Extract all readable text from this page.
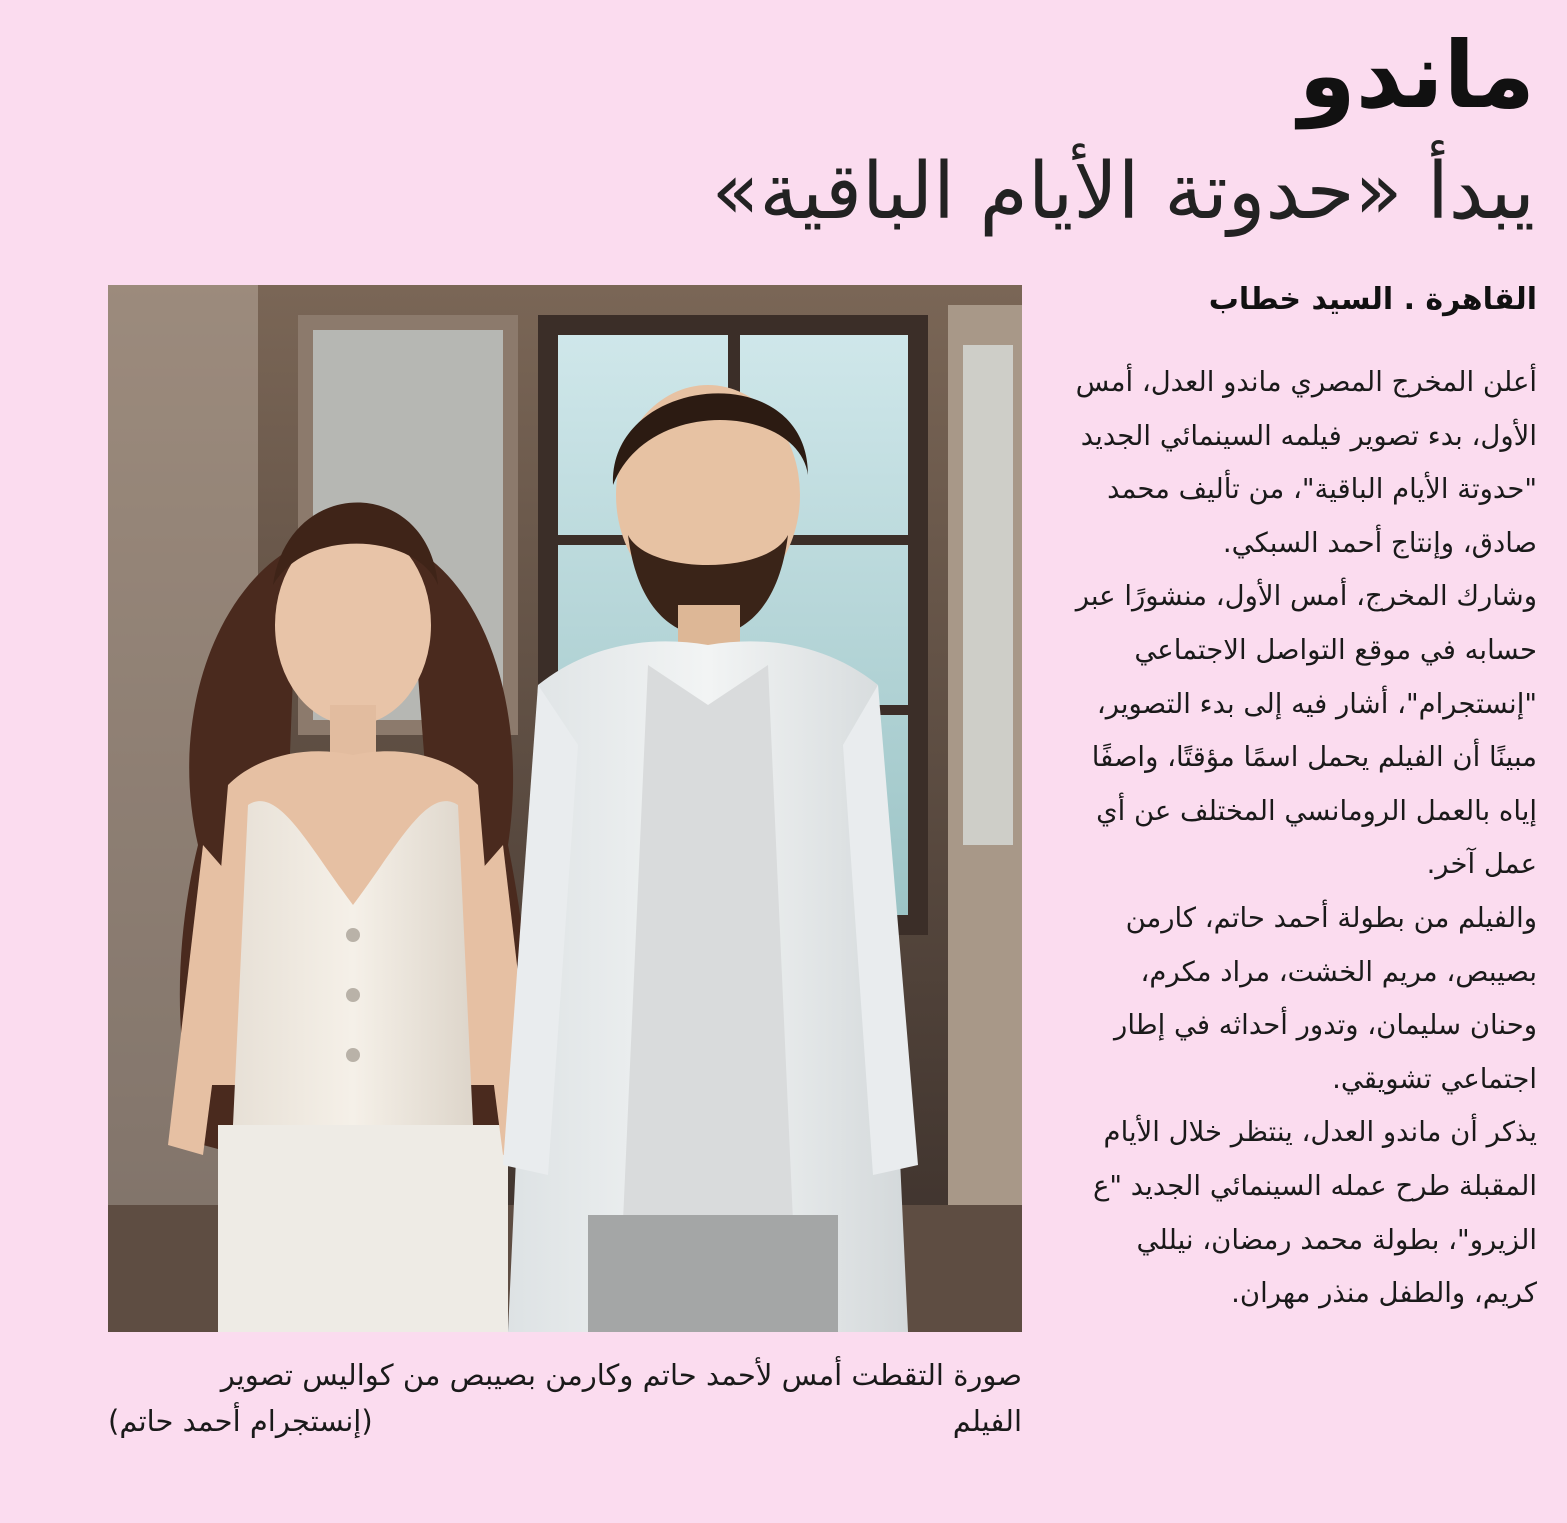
ماندو
يبدأ «حدوتة الأيام الباقية»
القاهرة . السيد خطاب

أعلن المخرج المصري ماندو العدل، أمس الأول، بدء تصوير فيلمه السينمائي الجديد "حدوتة الأيام الباقية"، من تأليف محمد صادق، وإنتاج أحمد السبكي.

وشارك المخرج، أمس الأول، منشورًا عبر حسابه في موقع التواصل الاجتماعي "إنستجرام"، أشار فيه إلى بدء التصوير، مبينًا أن الفيلم يحمل اسمًا مؤقتًا، واصفًا إياه بالعمل الرومانسي المختلف عن أي عمل آخر.

والفيلم من بطولة أحمد حاتم، كارمن بصيبص، مريم الخشت، مراد مكرم، وحنان سليمان، وتدور أحداثه في إطار اجتماعي تشويقي.

يذكر أن ماندو العدل، ينتظر خلال الأيام المقبلة طرح عمله السينمائي الجديد "ع الزيرو"، بطولة محمد رمضان، نيللي كريم، والطفل منذر مهران.

صورة التقطت أمس لأحمد حاتم وكارمن بصيبص من كواليس تصوير الفيلم
(إنستجرام أحمد حاتم)
